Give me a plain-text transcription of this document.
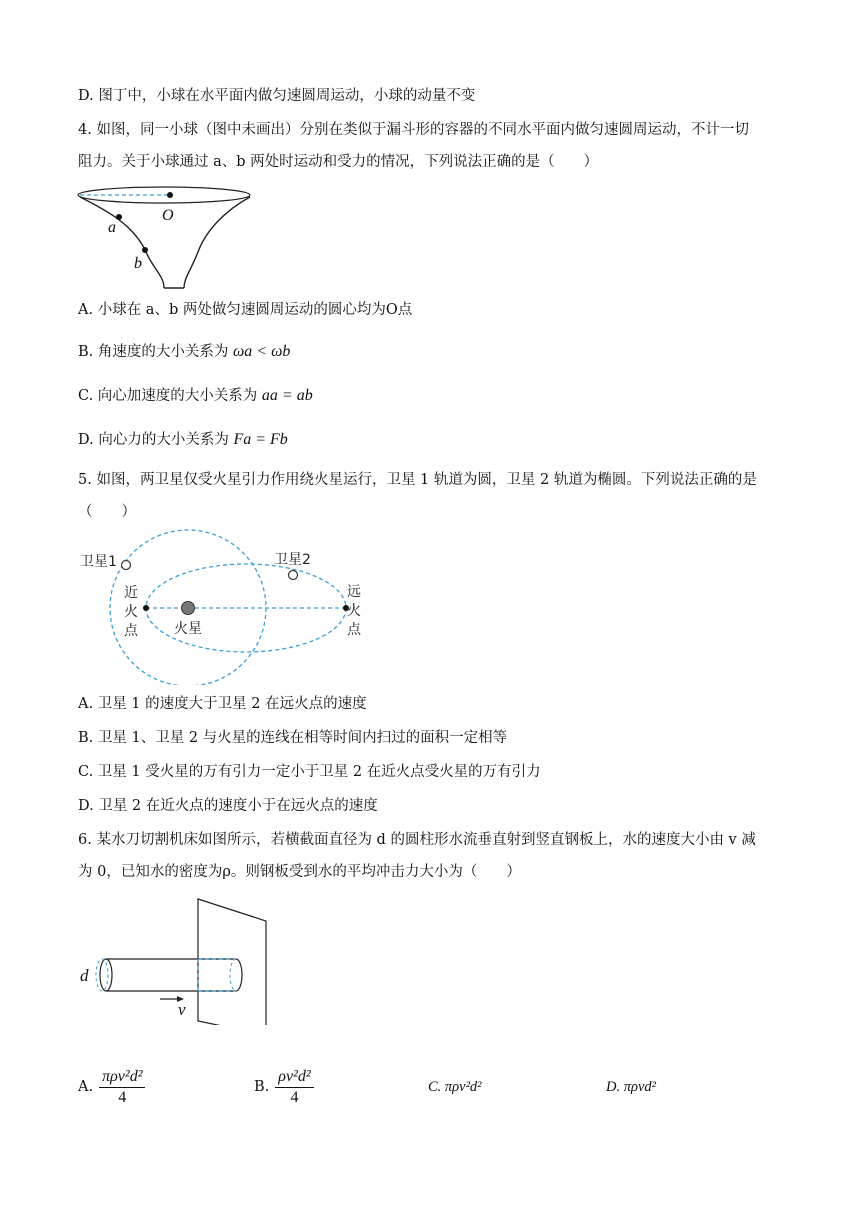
D. 图丁中，小球在水平面内做匀速圆周运动，小球的动量不变
4. 如图，同一小球（图中未画出）分别在类似于漏斗形的容器的不同水平面内做匀速圆周运动，不计一切
阻力。关于小球通过 a、b 两处时运动和受力的情况，下列说法正确的是（　　）
O
a
b
A. 小球在 a、b 两处做匀速圆周运动的圆心均为O点
B. 角速度的大小关系为 ωa < ωb
C. 向心加速度的大小关系为 aa = ab
D. 向心力的大小关系为 Fa = Fb
5. 如图，两卫星仅受火星引力作用绕火星运行，卫星 1 轨道为圆，卫星 2 轨道为椭圆。下列说法正确的是
（　　）
卫星1	卫星2
近
火
点
远
火
点
火星
A. 卫星 1 的速度大于卫星 2 在远火点的速度
B. 卫星 1、卫星 2 与火星的连线在相等时间内扫过的面积一定相等
C. 卫星 1 受火星的万有引力一定小于卫星 2 在近火点受火星的万有引力
D. 卫星 2 在近火点的速度小于在远火点的速度
6. 某水刀切割机床如图所示，若横截面直径为 d 的圆柱形水流垂直射到竖直钢板上，水的速度大小由 v 减
为 0，已知水的密度为ρ。则钢板受到水的平均冲击力大小为（　　）
d
v
A. $\frac{\text{πρv²d²}}{4}$	B. $\frac{\text{ρv²d²}}{4}$	C. πρv²d²	D. πρvd²
